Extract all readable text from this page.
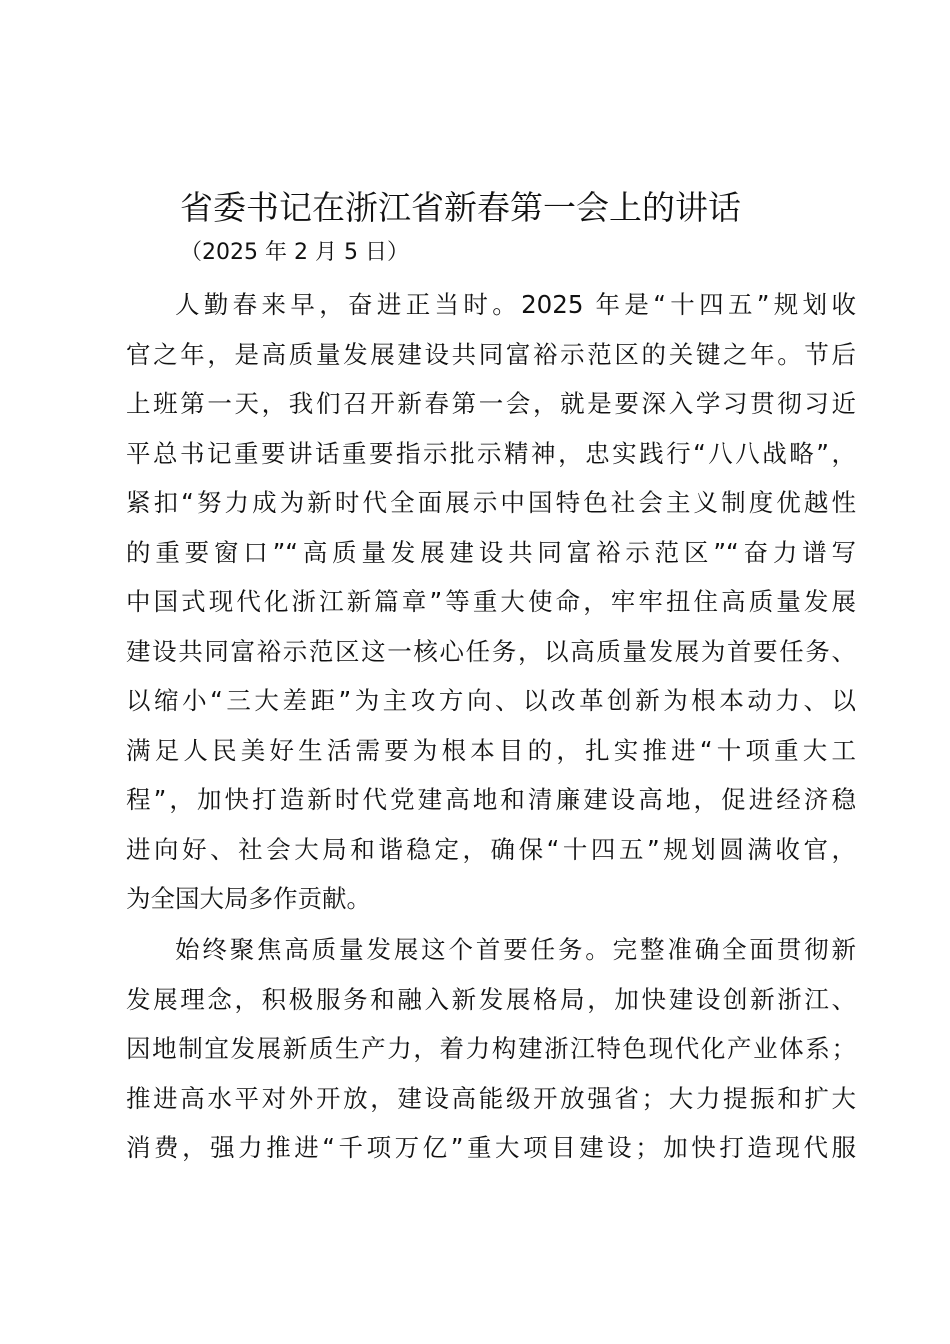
省委书记在浙江省新春第一会上的讲话
（2025 年 2 月 5 日）
人勤春来早，奋进正当时。2025 年是“十四五”规划收
官之年，是高质量发展建设共同富裕示范区的关键之年。节后
上班第一天，我们召开新春第一会，就是要深入学习贯彻习近
平总书记重要讲话重要指示批示精神，忠实践行“八八战略”，
紧扣“努力成为新时代全面展示中国特色社会主义制度优越性
的重要窗口”“高质量发展建设共同富裕示范区”“奋力谱写
中国式现代化浙江新篇章”等重大使命，牢牢扭住高质量发展
建设共同富裕示范区这一核心任务，以高质量发展为首要任务、
以缩小“三大差距”为主攻方向、以改革创新为根本动力、以
满足人民美好生活需要为根本目的，扎实推进“十项重大工
程”，加快打造新时代党建高地和清廉建设高地，促进经济稳
进向好、社会大局和谐稳定，确保“十四五”规划圆满收官，
为全国大局多作贡献。
始终聚焦高质量发展这个首要任务。完整准确全面贯彻新
发展理念，积极服务和融入新发展格局，加快建设创新浙江、
因地制宜发展新质生产力，着力构建浙江特色现代化产业体系；
推进高水平对外开放，建设高能级开放强省；大力提振和扩大
消费，强力推进“千项万亿”重大项目建设；加快打造现代服
